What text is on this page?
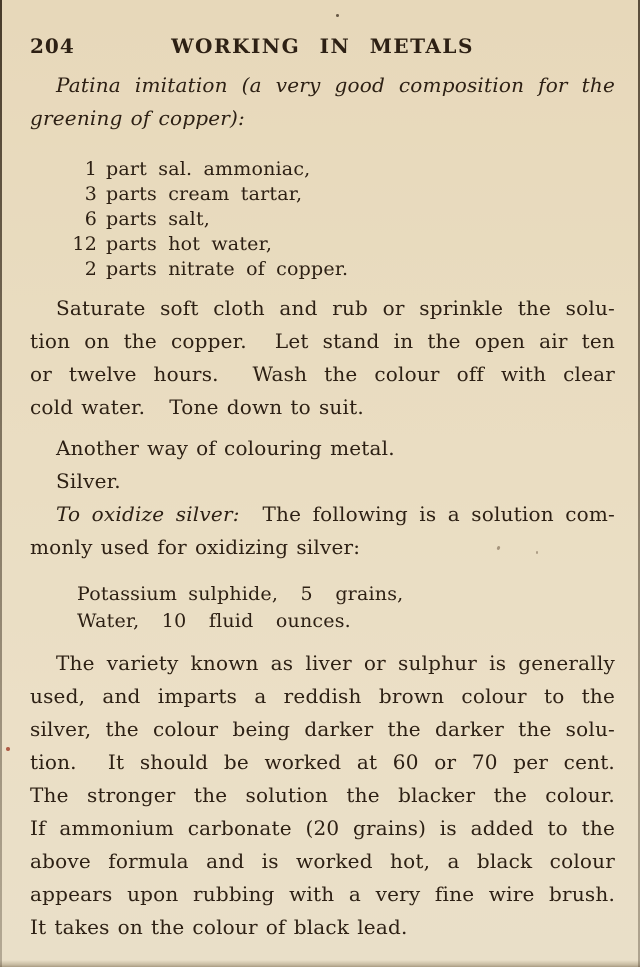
204	WORKING IN METALS
Patina imitation (a very good composition for the
greening of copper):
1 part sal. ammoniac,
3 parts cream tartar,
6 parts salt,
12 parts hot water,
2 parts nitrate of copper.
Saturate soft cloth and rub or sprinkle the solu-
tion on the copper.  Let stand in the open air ten
or twelve hours.  Wash the colour off with clear
cold water.   Tone down to suit.
Another way of colouring metal.
Silver.
To oxidize silver:  The following is a solution com-
monly used for oxidizing silver:
Potassium sulphide,  5  grains,
Water,  10  fluid  ounces.
The variety known as liver or sulphur is generally
used, and imparts a reddish brown colour to the
silver, the colour being darker the darker the solu-
tion.  It should be worked at 60 or 70 per cent.
The stronger the solution the blacker the colour.
If ammonium carbonate (20 grains) is added to the
above formula and is worked hot, a black colour
appears upon rubbing with a very fine wire brush.
It takes on the colour of black lead.
